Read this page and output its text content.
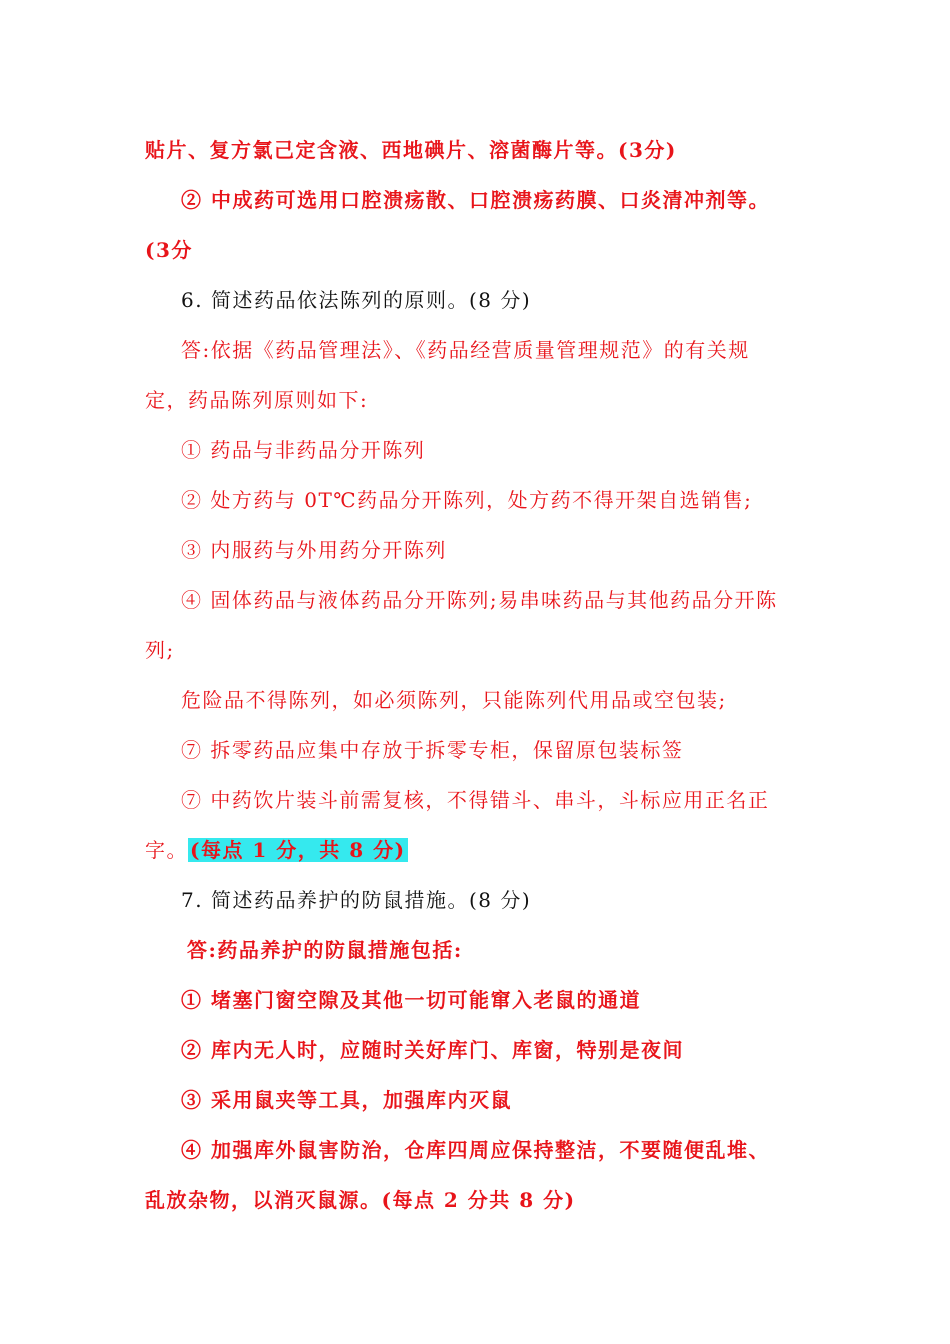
贴片、复方氯己定含液、西地碘片、溶菌酶片等。(3分)
② 中成药可选用口腔溃疡散、口腔溃疡药膜、口炎清冲剂等。
(3分
6. 简述药品依法陈列的原则。(8 分)
答:依据《药品管理法》、《药品经营质量管理规范》的有关规
定，药品陈列原则如下:
① 药品与非药品分开陈列
② 处方药与 0T℃药品分开陈列，处方药不得开架自选销售;
③ 内服药与外用药分开陈列
④ 固体药品与液体药品分开陈列;易串味药品与其他药品分开陈
列;
危险品不得陈列，如必须陈列，只能陈列代用品或空包装;
⑦ 拆零药品应集中存放于拆零专柜，保留原包装标签
⑦ 中药饮片装斗前需复核，不得错斗、串斗，斗标应用正名正
字。 (每点 1 分，共 8 分)
7. 简述药品养护的防鼠措施。(8 分)
答:药品养护的防鼠措施包括:
① 堵塞门窗空隙及其他一切可能窜入老鼠的通道
② 库内无人时，应随时关好库门、库窗，特别是夜间
③ 采用鼠夹等工具，加强库内灭鼠
④ 加强库外鼠害防治，仓库四周应保持整洁，不要随便乱堆、
乱放杂物，以消灭鼠源。(每点 2 分共 8 分)
